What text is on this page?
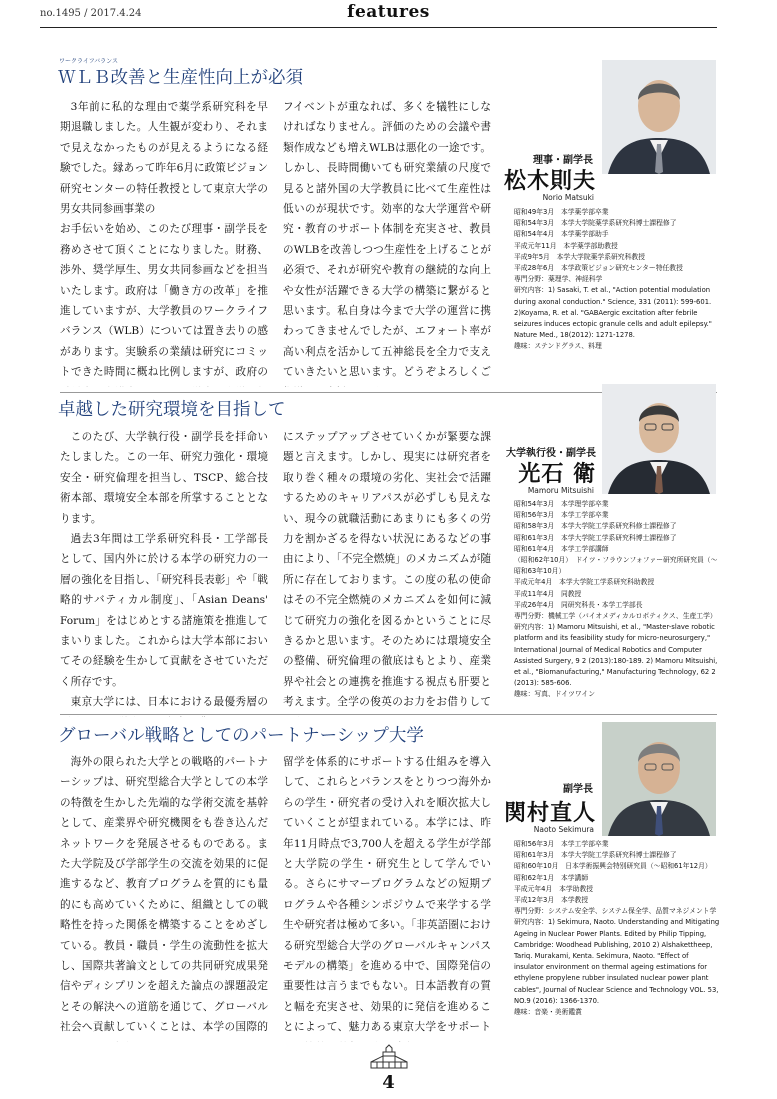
no.1495 / 2017.4.24	features
ワークライフバランス
ＷＬＢ改善と生産性向上が必須

3年前に私的な理由で薬学系研究科を早期退職しました。人生観が変わり、それまで見えなかったものが見えるようになる経験でした。縁あって昨年6月に政策ビジョン研究センターの特任教授として東京大学の男女共同参画事業の

お手伝いを始め、このたび理事・副学長を務めさせて頂くことになりました。財務、渉外、奨学厚生、男女共同参画などを担当いたします。政府は「働き方の改革」を推進していますが、大学教員のワークライフバランス（WLB）については置き去りの感があります。実験系の業績は研究にコミットできた時間に概ね比例しますが、政府の

フイベントが重なれば、多くを犠牲にしなければなりません。評価のための会議や書類作成なども増えWLBは悪化の一途です。しかし、長時間働いても研究業績の尺度で見ると諸外国の大学教員に比べて生産性は低いのが現状です。効率的な大学運営や研究・教育のサポート体制を充実させ、教員のWLBを改善しつつ生産性を上げることが必須で、それが研究や教育の継続的な向上や女性が活躍できる大学の構築に繋がると思います。私自身は今まで大学の運営に携わってきませんでしたが、エフォート率が高い利点を活かして五神総長を全力で支えていきたいと思います。どうぞよろしくご

理事・副学長
松木則夫
Norio Matsuki
昭和49年3月　本学薬学部卒業
昭和54年3月　本学大学院薬学系研究科博士課程修了
昭和54年4月　本学薬学部助手
平成元年11月　本学薬学部助教授
平成9年5月　本学大学院薬学系研究科教授
平成28年6月　本学政策ビジョン研究センター特任教授
専門分野：薬理学、神経科学
研究内容：1) Sasaki, T. et al., "Action potential modulation during axonal conduction." Science, 331 (2011): 599-601. 2)Koyama, R. et al. "GABAergic excitation after febrile seizures induces ectopic granule cells and adult epilepsy." Nature Med., 18(2012): 1271-1278.
趣味：ステンドグラス、料理
卓越した研究環境を目指して

このたび、大学執行役・副学長を拝命いたしました。この一年、研究力強化・環境安全・研究倫理を担当し、TSCP、総合技術本部、環境安全本部を所掌することとなります。

過去3年間は工学系研究科長・工学部長として、国内外に於ける本学の研究力の一層の強化を目指し、「研究科長表彰」や「戦略的サバティカル制度」、「Asian Deans' Forum」をはじめとする諸施策を推進してまいりました。これからは大学本部においてその経験を生かして貢献をさせていただく所存です。

東京大学には、日本における最優秀層の

にステップアップさせていくかが緊要な課題と言えます。しかし、現実には研究者を取り巻く種々の環境の劣化、実社会で活躍するためのキャリアパスが必ずしも見えない、現今の就職活動にあまりにも多くの労力を割かざるを得ない状況にあるなどの事由により、「不完全燃焼」のメカニズムが随所に存在しております。この度の私の使命はその不完全燃焼のメカニズムを如何に減じて研究力の強化を図るかということに尽きるかと思います。そのためには環境安全の整備、研究倫理の徹底はもとより、産業界や社会との連携を推進する視点も肝要と考えます。全学の俊英のお力をお借りして

大学執行役・副学長
光石 衛
Mamoru Mitsuishi
昭和54年3月　本学理学部卒業
昭和56年3月　本学工学部卒業
昭和58年3月　本学大学院工学系研究科修士課程修了
昭和61年3月　本学大学院工学系研究科博士課程修了
昭和61年4月　本学工学部講師
（昭和62年10月）　ドイツ・フラウンフォファー研究所研究員（～昭和63年10月）
平成元年4月　本学大学院工学系研究科助教授
平成11年4月　同教授
平成26年4月　同研究科長・本学工学部長
専門分野：機械工学（バイオメディカルロボティクス、生産工学）
研究内容：1) Mamoru Mitsuishi, et al., "Master-slave robotic platform and its feasibility study for micro-neurosurgery," International Journal of Medical Robotics and Computer Assisted Surgery, 9 2 (2013):180-189. 2) Mamoru Mitsuishi, et al., "Biomanufacturing," Manufacturing Technology, 62 2 (2013): 585-606.
趣味：写真、ドイツワイン
グローバル戦略としてのパートナーシップ大学

海外の限られた大学との戦略的パートナーシップは、研究型総合大学としての本学の特徴を生かした先端的な学術交流を基幹として、産業界や研究機関をも巻き込んだネットワークを発展させるものである。また大学院及び学部学生の交流を効果的に促進するなど、教育プログラムを質的にも量的にも高めていくために、組織としての戦略性を持った関係を構築することをめざしている。教員・職員・学生の流動性を拡大し、国際共著論文としての共同研究成果発信やディシプリンを超えた論点の課題設定とその解決への道筋を通じて、グローバル社会へ貢献していくことは、本学の国際的

留学を体系的にサポートする仕組みを導入して、これらとバランスをとりつつ海外からの学生・研究者の受け入れを順次拡大していくことが望まれている。本学には、昨年11月時点で3,700人を超える学生が学部と大学院の学生・研究生として学んでいる。さらにサマープログラムなどの短期プログラムや各種シンポジウムで来学する学生や研究者は極めて多い。「非英語圏における研究型総合大学のグローバルキャンパスモデルの構築」を進める中で、国際発信の重要性は言うまでもない。日本語教育の質と幅を充実させ、効果的に発信を進めることによって、魅力ある東京大学をサポート

副学長
関村直人
Naoto Sekimura
昭和56年3月　本学工学部卒業
昭和61年3月　本学大学院工学系研究科博士課程修了
昭和60年10月　日本学術振興会特別研究員（～昭和61年12月）
昭和62年1月　本学講師
平成元年4月　本学助教授
平成12年3月　本学教授
専門分野：システム安全学、システム保全学、品質マネジメント学
研究内容：1) Sekimura, Naoto. Understanding and Mitigating Ageing in Nuclear Power Plants. Edited by Philip Tipping, Cambridge: Woodhead Publishing, 2010 2) Alshakettheep, Tariq. Murakami, Kenta. Sekimura, Naoto. "Effect of insulator environment on thermal ageing estimations for ethylene propylene rubber insulated nuclear power plant cables", Journal of Nuclear Science and Technology VOL. 53, NO.9 (2016): 1366-1370.
趣味：音楽・美術鑑賞
4
